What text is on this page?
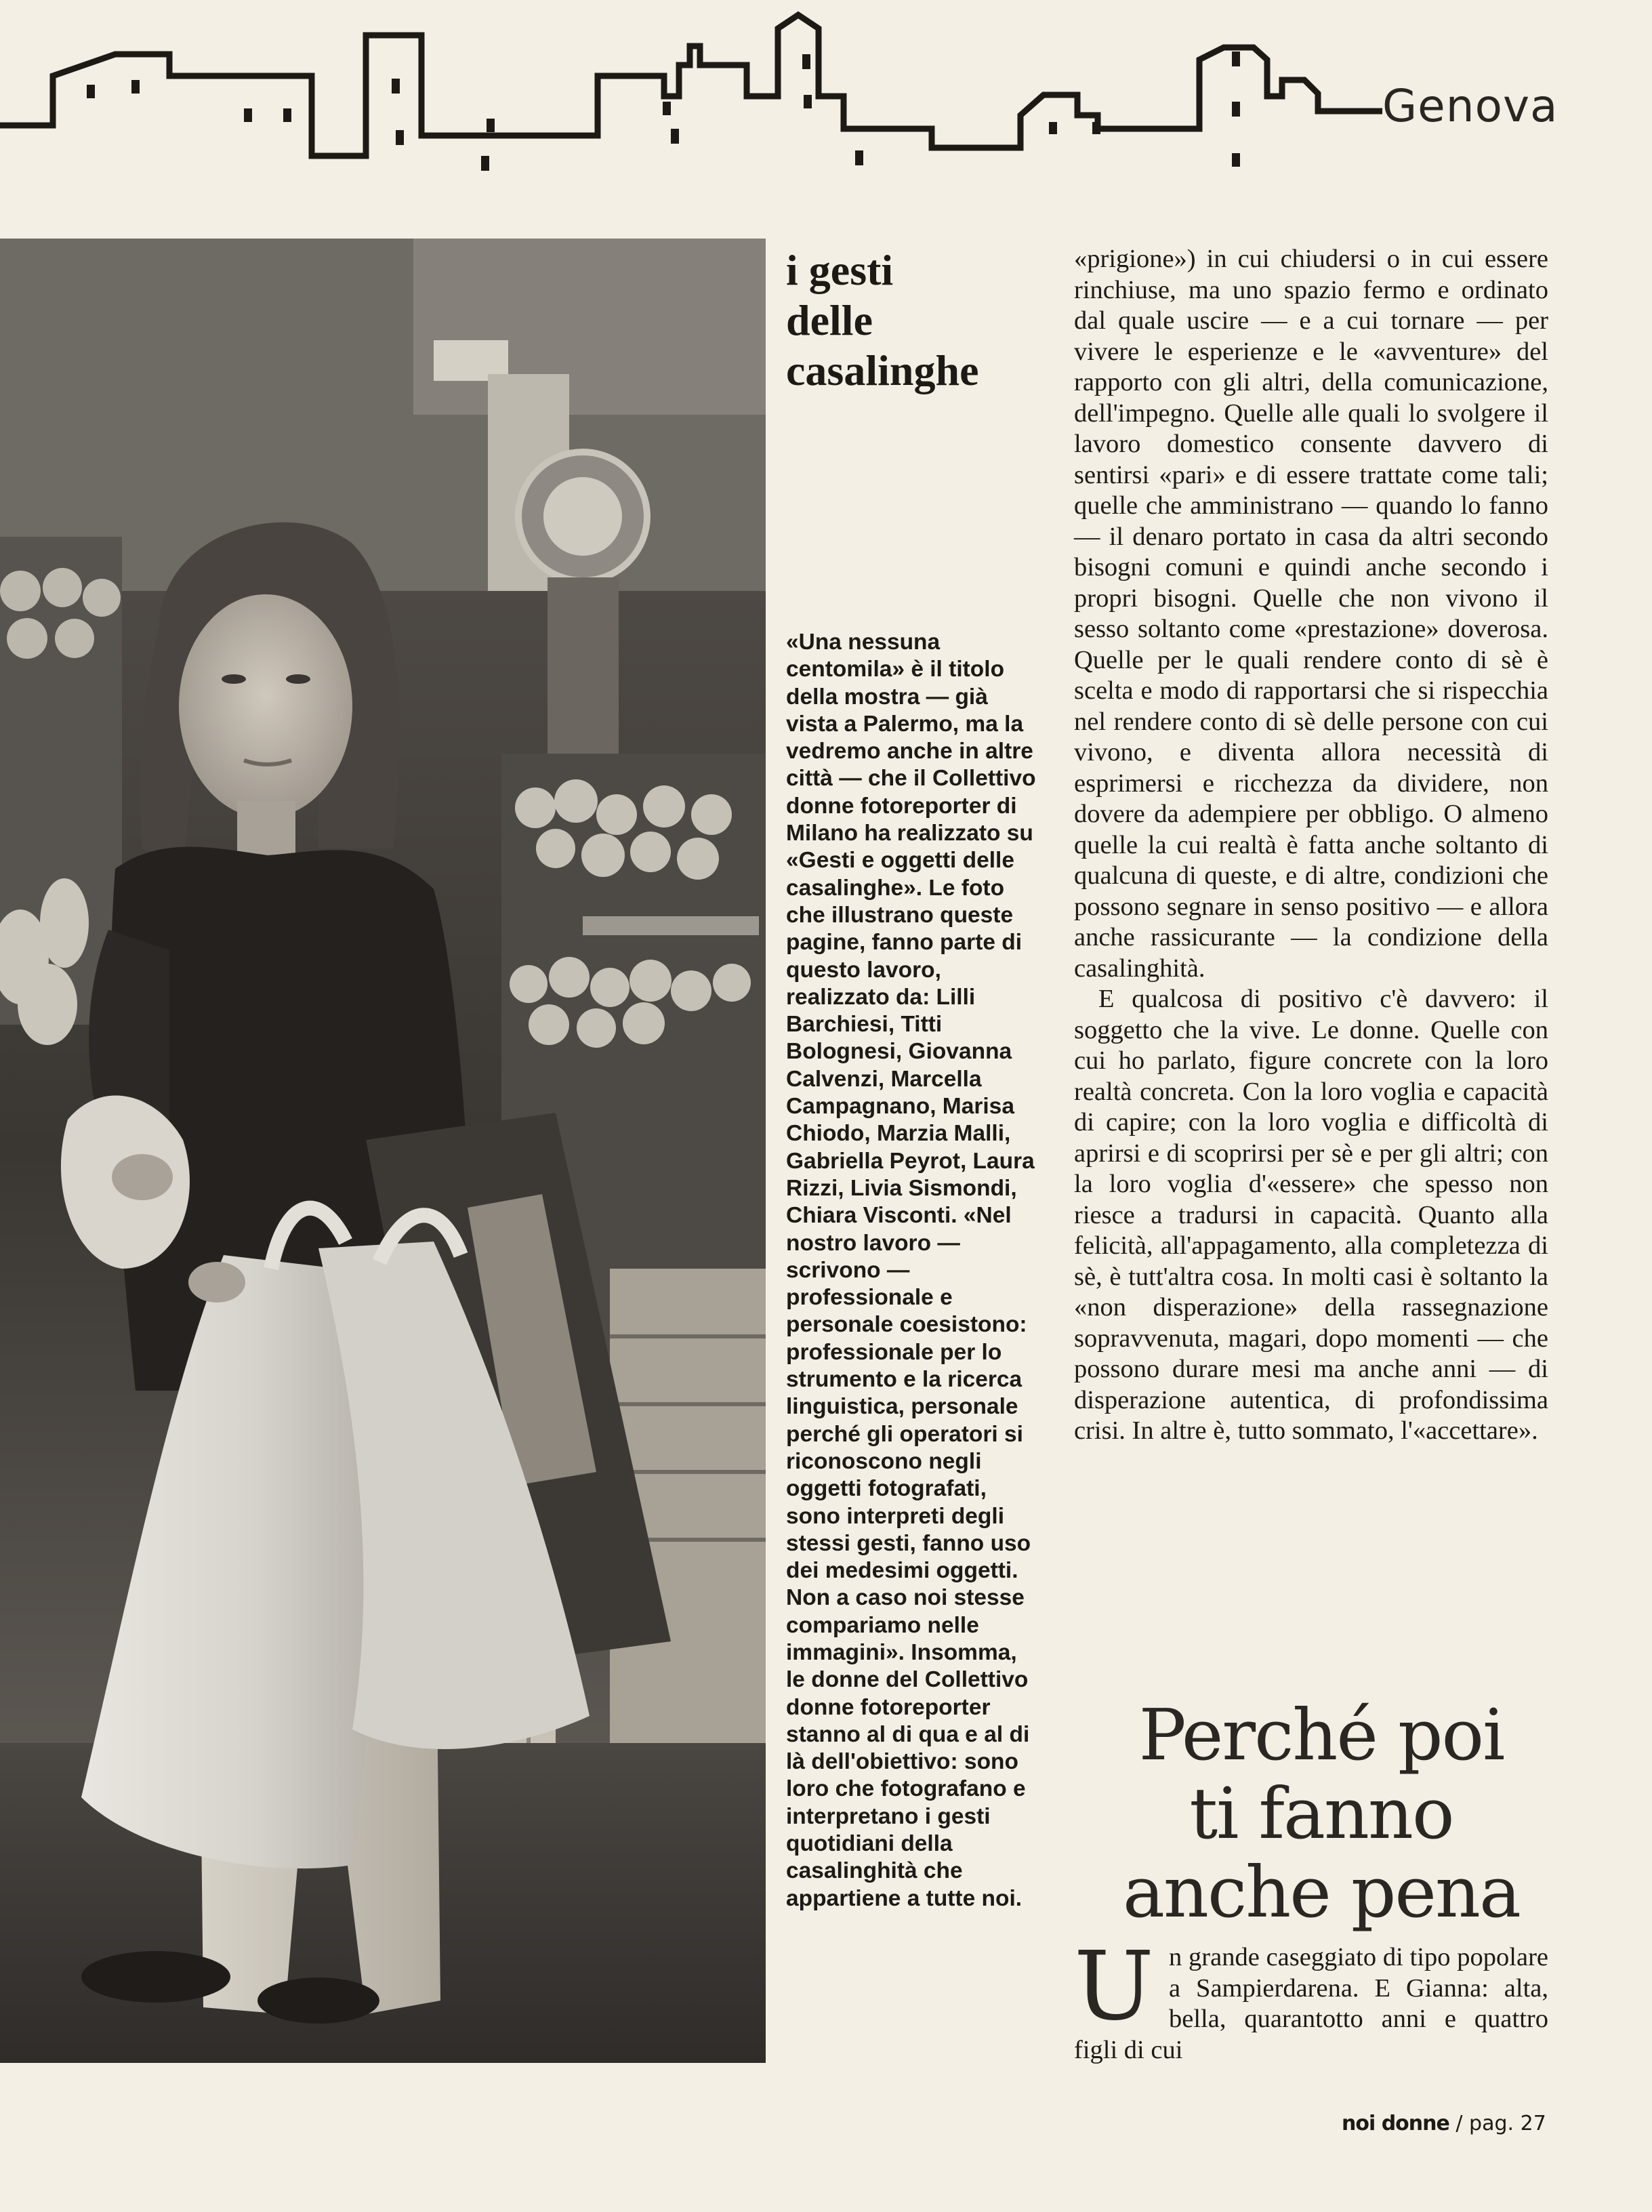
Genova
i gesti
delle
casalinghe

«Una nessuna centomila» è il titolo della mostra — già vista a Palermo, ma la vedremo anche in altre città — che il Collettivo donne fotoreporter di Milano ha realizzato su «Gesti e oggetti delle casalinghe». Le foto che illustrano queste pagine, fanno parte di questo lavoro, realizzato da: Lilli Barchiesi, Titti Bolognesi, Giovanna Calvenzi, Marcella Campagnano, Marisa Chiodo, Marzia Malli, Gabriella Peyrot, Laura Rizzi, Livia Sismondi, Chiara Visconti. «Nel nostro lavoro — scrivono — professionale e personale coesistono: professionale per lo strumento e la ricerca linguistica, personale perché gli operatori si riconoscono negli oggetti fotografati, sono interpreti degli stessi gesti, fanno uso dei medesimi oggetti. Non a caso noi stesse compariamo nelle immagini». Insomma, le donne del Collettivo donne fotoreporter stanno al di qua e al di là dell'obiettivo: sono loro che fotografano e interpretano i gesti quotidiani della casalinghità che appartiene a tutte noi.

«prigione») in cui chiudersi o in cui essere rinchiuse, ma uno spazio fermo e ordinato dal quale uscire — e a cui tornare — per vivere le esperienze e le «avventure» del rapporto con gli altri, della comunicazione, dell'impegno. Quelle alle quali lo svolgere il lavoro domestico consente davvero di sentirsi «pari» e di essere trattate come tali; quelle che amministrano — quando lo fanno — il denaro portato in casa da altri secondo bisogni comuni e quindi anche secondo i propri bisogni. Quelle che non vivono il sesso soltanto come «prestazione» doverosa. Quelle per le quali rendere conto di sè è scelta e modo di rapportarsi che si rispecchia nel rendere conto di sè delle persone con cui vivono, e diventa allora necessità di esprimersi e ricchezza da dividere, non dovere da adempiere per obbligo. O almeno quelle la cui realtà è fatta anche soltanto di qualcuna di queste, e di altre, condizioni che possono segnare in senso positivo — e allora anche rassicurante — la condizione della casalinghità.

E qualcosa di positivo c'è davvero: il soggetto che la vive. Le donne. Quelle con cui ho parlato, figure concrete con la loro realtà concreta. Con la loro voglia e capacità di capire; con la loro voglia e difficoltà di aprirsi e di scoprirsi per sè e per gli altri; con la loro voglia d'«essere» che spesso non riesce a tradursi in capacità. Quanto alla felicità, all'appagamento, alla completezza di sè, è tutt'altra cosa. In molti casi è soltanto la «non disperazione» della rassegnazione sopravvenuta, magari, dopo momenti — che possono durare mesi ma anche anni — di disperazione autentica, di profondissima crisi. In altre è, tutto sommato, l'«accettare».

Perché poi
ti fanno
anche pena
U n grande caseggiato di tipo popolare a Sampierdarena. E Gianna: alta, bella, quarantotto anni e quattro figli di cui
noi donne / pag. 27
